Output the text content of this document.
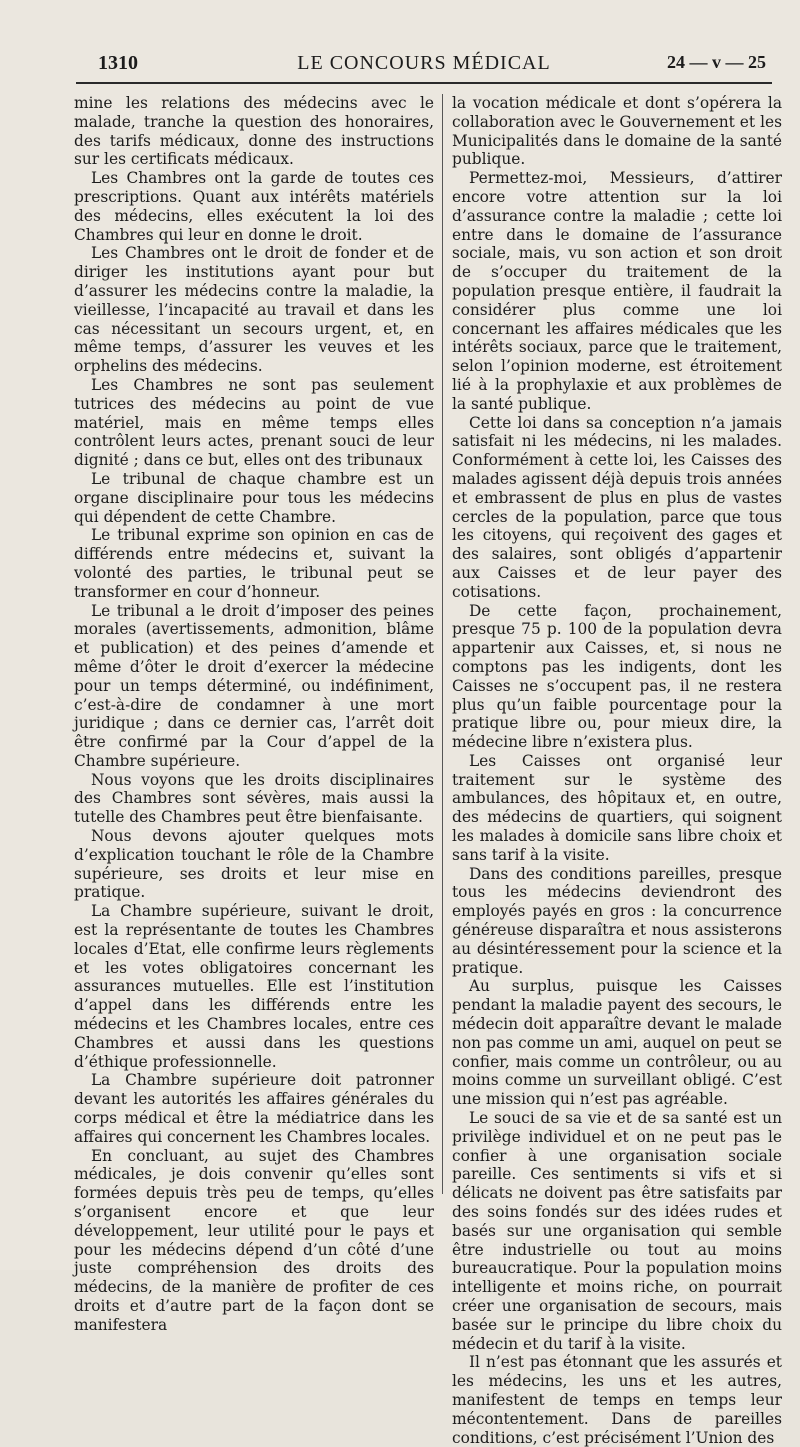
1310	LE CONCOURS MÉDICAL	24 — v — 25

mine les relations des médecins avec le malade, tranche la question des honoraires, des tarifs médicaux, donne des instructions sur les certificats médicaux.

Les Chambres ont la garde de toutes ces prescriptions. Quant aux intérêts matériels des médecins, elles exécutent la loi des Chambres qui leur en donne le droit.

Les Chambres ont le droit de fonder et de diriger les institutions ayant pour but d’assurer les médecins contre la maladie, la vieillesse, l’incapacité au travail et dans les cas nécessitant un secours urgent, et, en même temps, d’assurer les veuves et les orphelins des médecins.

Les Chambres ne sont pas seulement tutrices des médecins au point de vue matériel, mais en même temps elles contrôlent leurs actes, prenant souci de leur dignité ; dans ce but, elles ont des tribunaux

Le tribunal de chaque chambre est un organe disciplinaire pour tous les médecins qui dépendent de cette Chambre.

Le tribunal exprime son opinion en cas de différends entre médecins et, suivant la volonté des parties, le tribunal peut se transformer en cour d’honneur.

Le tribunal a le droit d’imposer des peines morales (avertissements, admonition, blâme et publication) et des peines d’amende et même d’ôter le droit d’exercer la médecine pour un temps déterminé, ou indéfiniment, c’est-à-dire de condamner à une mort juridique ; dans ce dernier cas, l’arrêt doit être confirmé par la Cour d’appel de la Chambre supérieure.

Nous voyons que les droits disciplinaires des Chambres sont sévères, mais aussi la tutelle des Chambres peut être bienfaisante.

Nous devons ajouter quelques mots d’explication touchant le rôle de la Chambre supérieure, ses droits et leur mise en pratique.

La Chambre supérieure, suivant le droit, est la représentante de toutes les Chambres locales d’Etat, elle confirme leurs règlements et les votes obligatoires concernant les assurances mutuelles. Elle est l’institution d’appel dans les différends entre les médecins et les Chambres locales, entre ces Chambres et aussi dans les questions d’éthique professionnelle.

La Chambre supérieure doit patronner devant les autorités les affaires générales du corps médical et être la médiatrice dans les affaires qui concernent les Chambres locales.

En concluant, au sujet des Chambres médicales, je dois convenir qu’elles sont formées depuis très peu de temps, qu’elles s’organisent encore et que leur développement, leur utilité pour le pays et pour les médecins dépend d’un côté d’une juste compréhension des droits des médecins, de la manière de profiter de ces droits et d’autre part de la façon dont se manifestera

la vocation médicale et dont s’opérera la collaboration avec le Gouvernement et les Municipalités dans le domaine de la santé publique.

Permettez-moi, Messieurs, d’attirer encore votre attention sur la loi d’assurance contre la maladie ; cette loi entre dans le domaine de l’assurance sociale, mais, vu son action et son droit de s’occuper du traitement de la population presque entière, il faudrait la considérer plus comme une loi concernant les affaires médicales que les intérêts sociaux, parce que le traitement, selon l’opinion moderne, est étroitement lié à la prophylaxie et aux problèmes de la santé publique.

Cette loi dans sa conception n’a jamais satisfait ni les médecins, ni les malades. Conformément à cette loi, les Caisses des malades agissent déjà depuis trois années et embrassent de plus en plus de vastes cercles de la population, parce que tous les citoyens, qui reçoivent des gages et des salaires, sont obligés d’appartenir aux Caisses et de leur payer des cotisations.

De cette façon, prochainement, presque 75 p. 100 de la population devra appartenir aux Caisses, et, si nous ne comptons pas les indigents, dont les Caisses ne s’occupent pas, il ne restera plus qu’un faible pourcentage pour la pratique libre ou, pour mieux dire, la médecine libre n’existera plus.

Les Caisses ont organisé leur traitement sur le système des ambulances, des hôpitaux et, en outre, des médecins de quartiers, qui soignent les malades à domicile sans libre choix et sans tarif à la visite.

Dans des conditions pareilles, presque tous les médecins deviendront des employés payés en gros : la concurrence généreuse disparaîtra et nous assisterons au désintéressement pour la science et la pratique.

Au surplus, puisque les Caisses pendant la maladie payent des secours, le médecin doit apparaître devant le malade non pas comme un ami, auquel on peut se confier, mais comme un contrôleur, ou au moins comme un surveillant obligé. C’est une mission qui n’est pas agréable.

Le souci de sa vie et de sa santé est un privilège individuel et on ne peut pas le confier à une organisation sociale pareille. Ces sentiments si vifs et si délicats ne doivent pas être satisfaits par des soins fondés sur des idées rudes et basés sur une organisation qui semble être industrielle ou tout au moins bureaucratique. Pour la population moins intelligente et moins riche, on pourrait créer une organisation de secours, mais basée sur le principe du libre choix du médecin et du tarif à la visite.

Il n’est pas étonnant que les assurés et les médecins, les uns et les autres, manifestent de temps en temps leur mécontentement. Dans de pareilles conditions, c’est précisément l’Union des
